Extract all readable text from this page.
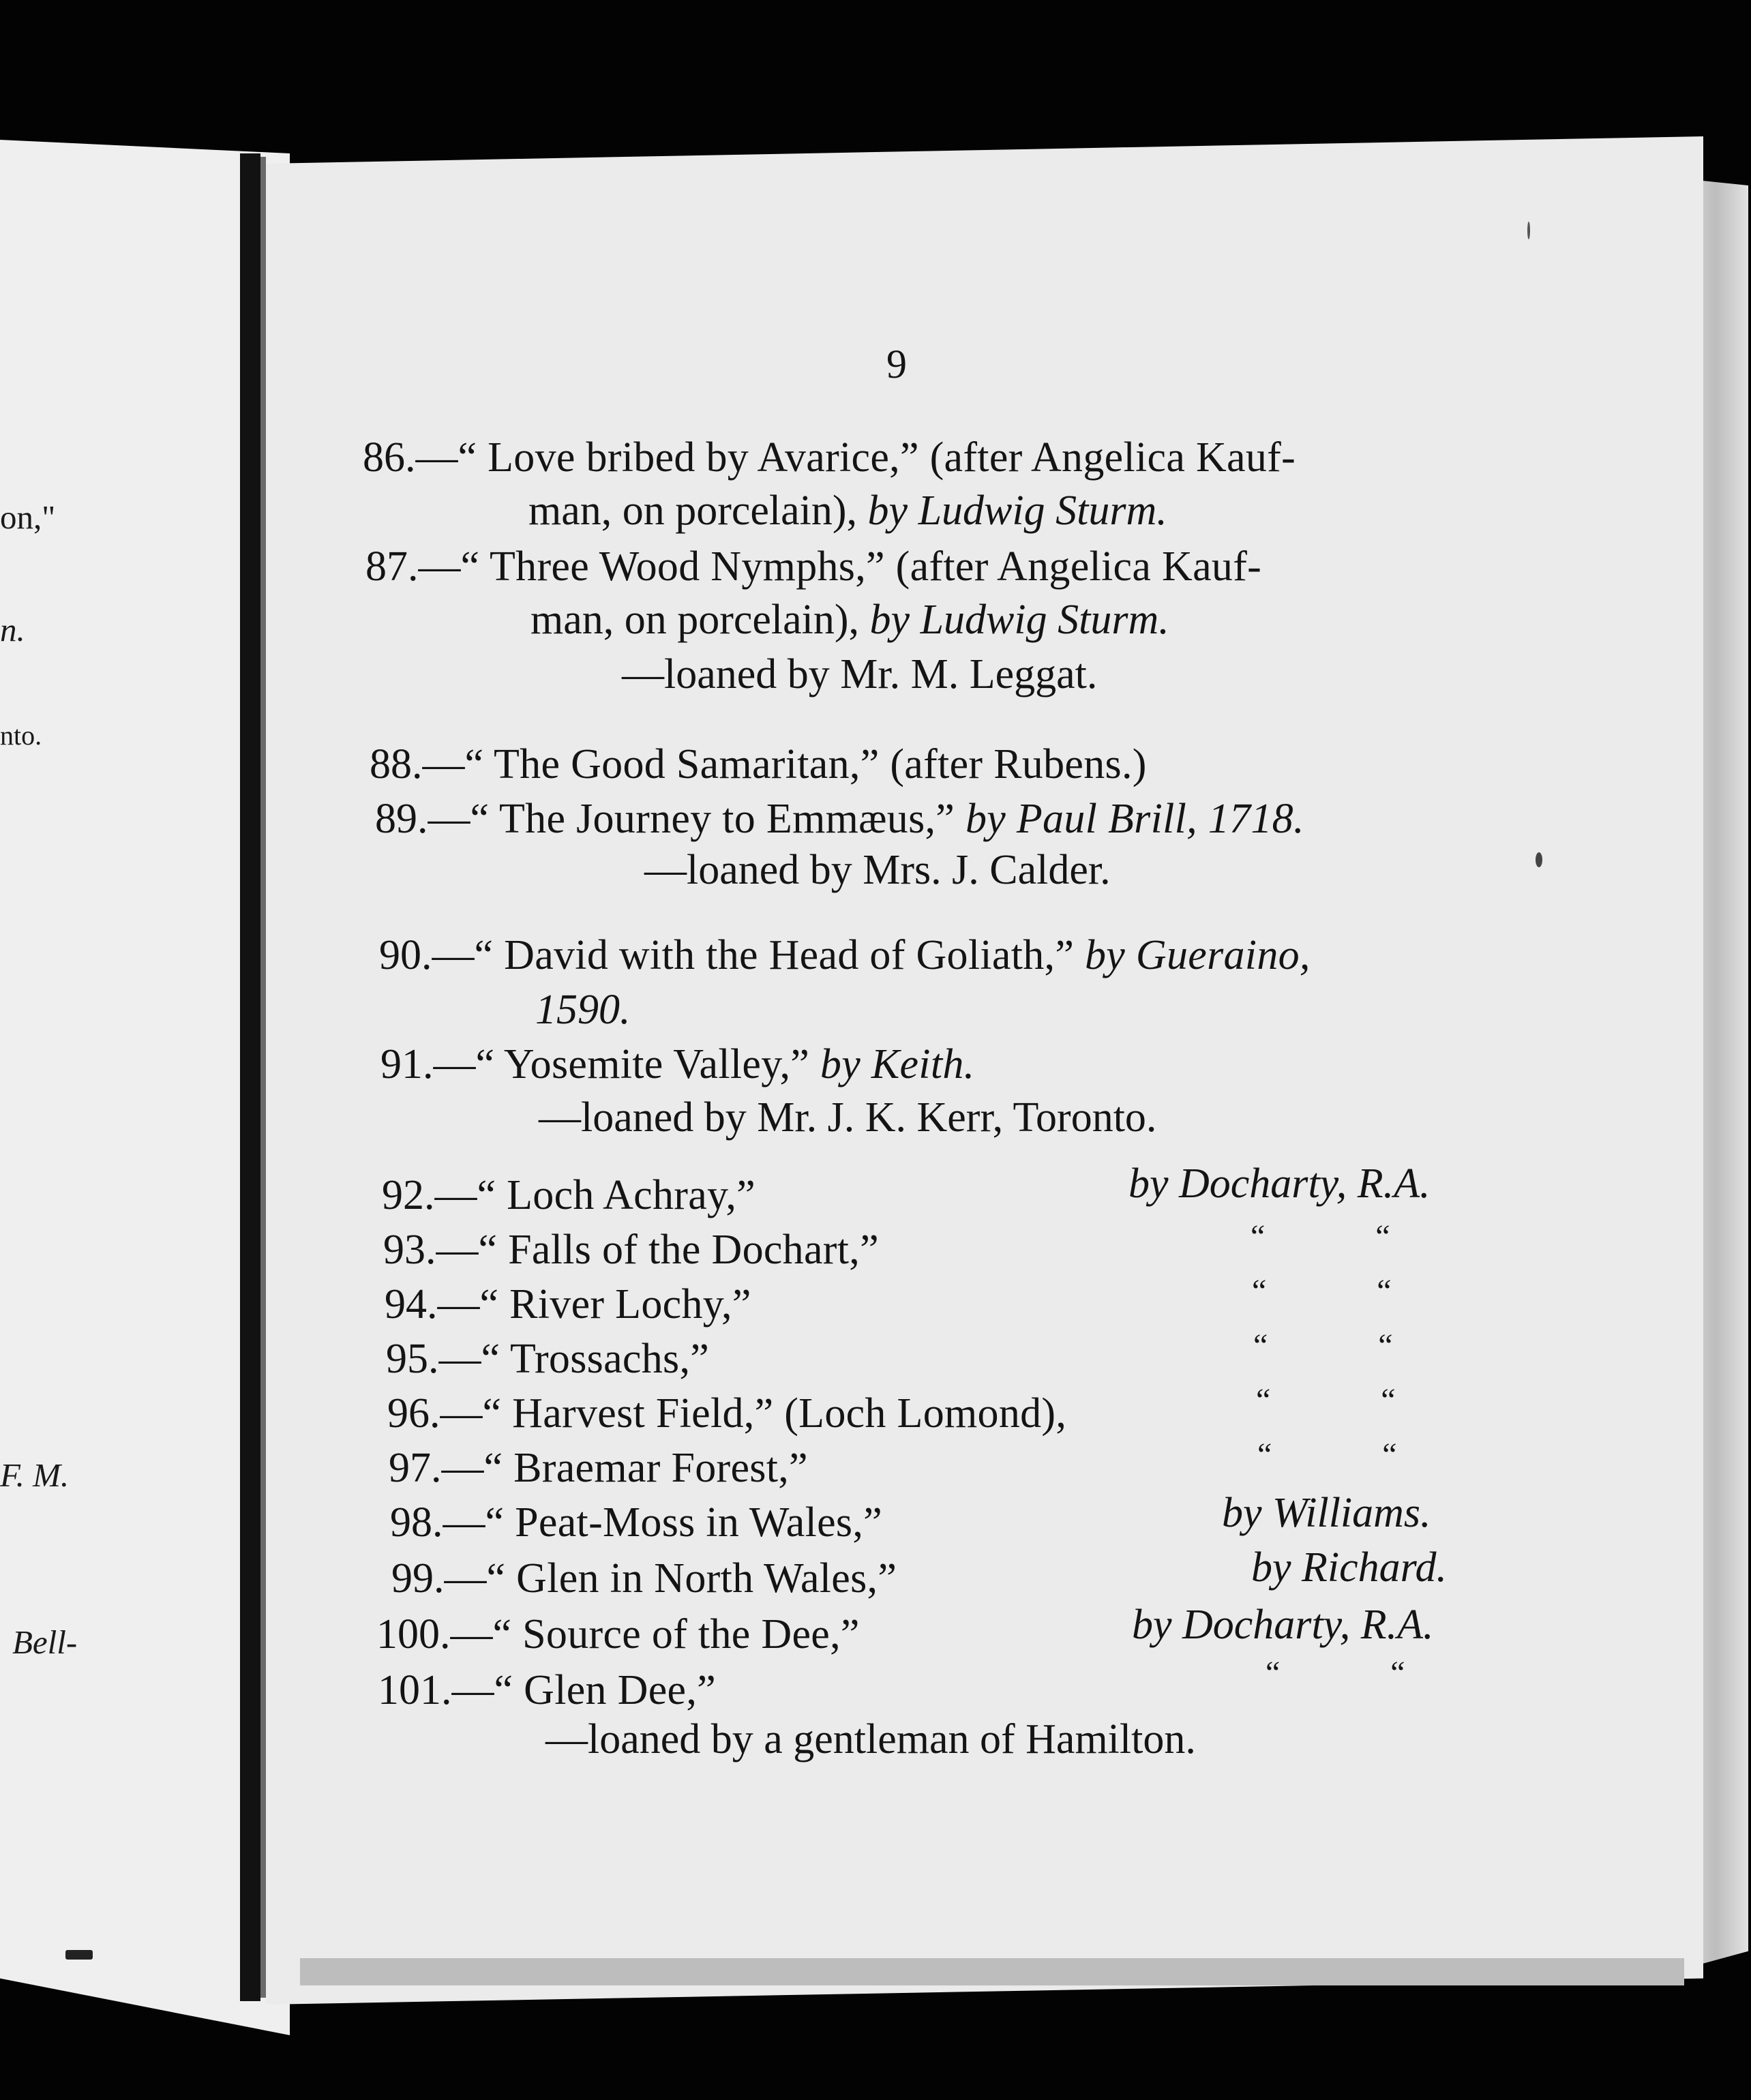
on,"
n.
nto.
F. M.
Bell-
9
86.—“ Love bribed by Avarice,” (after Angelica Kauf-
man, on porcelain), by Ludwig Sturm.
87.—“ Three Wood Nymphs,” (after Angelica Kauf-
man, on porcelain), by Ludwig Sturm.
—loaned by Mr. M. Leggat.
88.—“ The Good Samaritan,” (after Rubens.)
89.—“ The Journey to Emmæus,” by Paul Brill, 1718.
—loaned by Mrs. J. Calder.
90.—“ David with the Head of Goliath,” by Gueraino,
1590.
91.—“ Yosemite Valley,” by Keith.
—loaned by Mr. J. K. Kerr, Toronto.
92.—“ Loch Achray,”	by Docharty, R.A.
93.—“ Falls of the Dochart,”	“ “
94.—“ River Lochy,”	“ “
95.—“ Trossachs,”	“ “
96.—“ Harvest Field,” (Loch Lomond),	“ “
97.—“ Braemar Forest,”	“ “
98.—“ Peat-Moss in Wales,”	by Williams.
99.—“ Glen in North Wales,”	by Richard.
100.—“ Source of the Dee,”	by Docharty, R.A.
101.—“ Glen Dee,”	“ “
—loaned by a gentleman of Hamilton.
